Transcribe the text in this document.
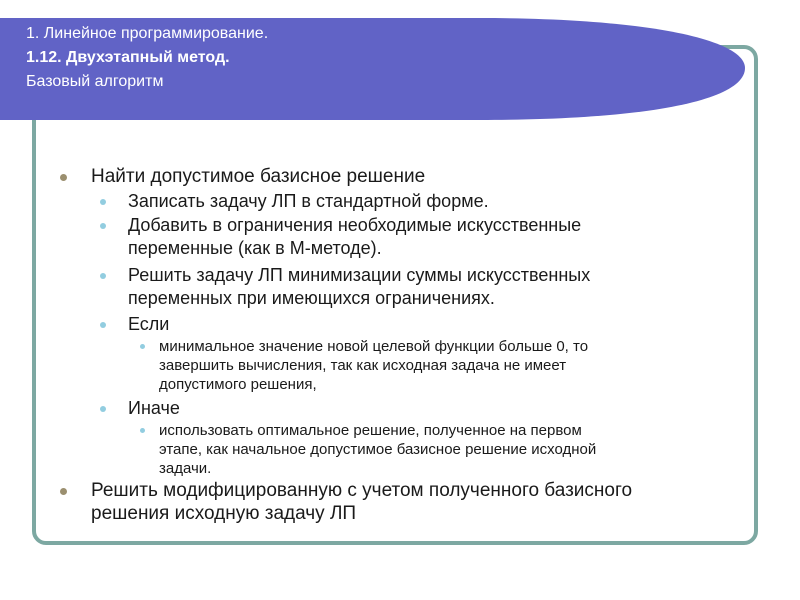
1. Линейное программирование.
1.12. Двухэтапный метод.
Базовый алгоритм
Найти допустимое базисное решение
Записать задачу ЛП в стандартной форме.
Добавить в ограничения необходимые искусственные
переменные (как в М-методе).
Решить задачу ЛП минимизации суммы искусственных
переменных при имеющихся ограничениях.
Если
минимальное значение новой целевой функции больше 0, то
завершить вычисления, так как исходная задача не имеет
допустимого решения,
Иначе
использовать оптимальное решение, полученное на первом
этапе, как начальное допустимое базисное решение исходной
задачи.
Решить модифицированную с учетом полученного базисного
решения исходную задачу ЛП
